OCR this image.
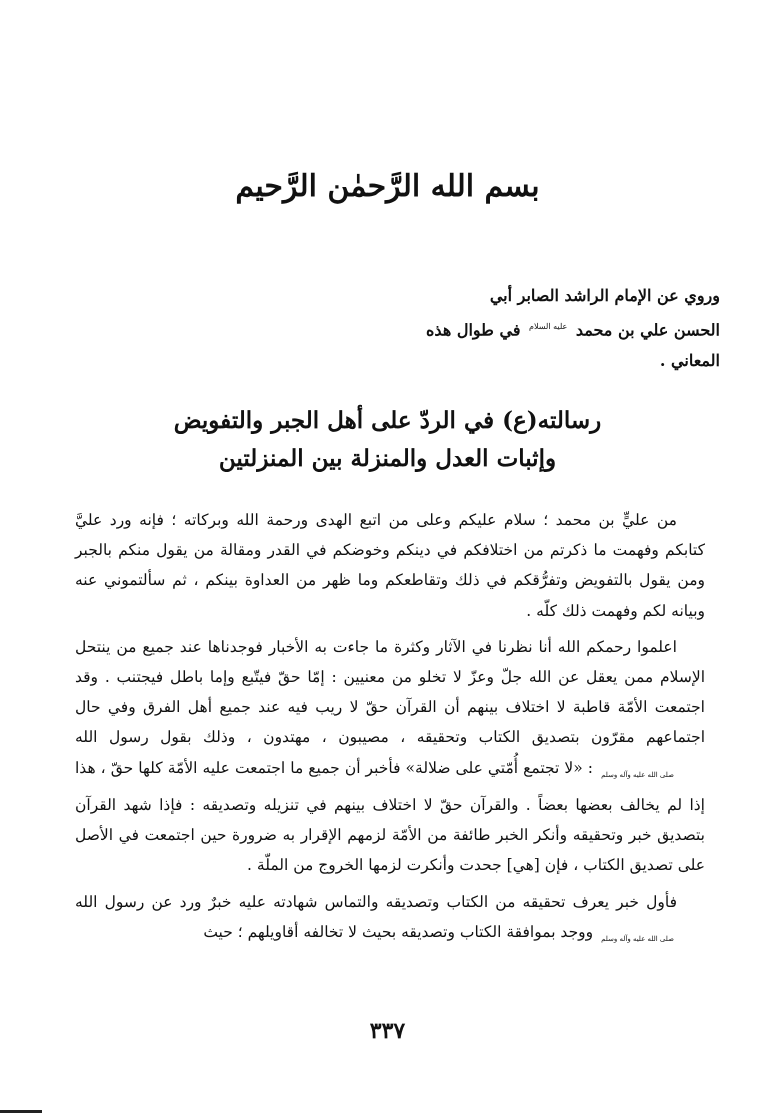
بسم الله الرَّحمٰن الرَّحيم
وروي عن الإمام الراشد الصابر أبي
الحسن علي بن محمد عليه السلام في طوال هذه
المعاني .
رسالته(ع) في الردّ على أهل الجبر والتفويض
وإثبات العدل والمنزلة بين المنزلتين

من عليٍّ بن محمد ؛ سلام عليكم وعلى من اتبع الهدى ورحمة الله وبركاته ؛ فإنه ورد عليَّ كتابكم وفهمت ما ذكرتم من اختلافكم في دينكم وخوضكم في القدر ومقالة من يقول منكم بالجبر ومن يقول بالتفويض وتفرُّقكم في ذلك وتقاطعكم وما ظهر من العداوة بينكم ، ثم سألتموني عنه وبيانه لكم وفهمت ذلك كلّه .

اعلموا رحمكم الله أنا نظرنا في الآثار وكثرة ما جاءت به الأخبار فوجدناها عند جميع من ينتحل الإسلام ممن يعقل عن الله جلّ وعزّ لا تخلو من معنيين : إمّا حقّ فيتّبع وإما باطل فيجتنب . وقد اجتمعت الأمّة قاطبة لا اختلاف بينهم أن القرآن حقّ لا ريب فيه عند جميع أهل الفرق وفي حال اجتماعهم مقرّون بتصديق الكتاب وتحقيقه ، مصيبون ، مهتدون ، وذلك بقول رسول الله صلى الله عليه وآله وسلم : «لا تجتمع أُمّتي على ضلالة» فأخبر أن جميع ما اجتمعت عليه الأمّة كلها حقّ ، هذا إذا لم يخالف بعضها بعضاً . والقرآن حقّ لا اختلاف بينهم في تنزيله وتصديقه : فإذا شهد القرآن بتصديق خبر وتحقيقه وأنكر الخبر طائفة من الأمّة لزمهم الإقرار به ضرورة حين اجتمعت في الأصل على تصديق الكتاب ، فإن [هي] جحدت وأنكرت لزمها الخروج من الملّة .

فأول خبر يعرف تحقيقه من الكتاب وتصديقه والتماس شهادته عليه خبرٌ ورد عن رسول الله صلى الله عليه وآله وسلم ووجد بموافقة الكتاب وتصديقه بحيث لا تخالفه أقاويلهم ؛ حيث

٣٣٧
